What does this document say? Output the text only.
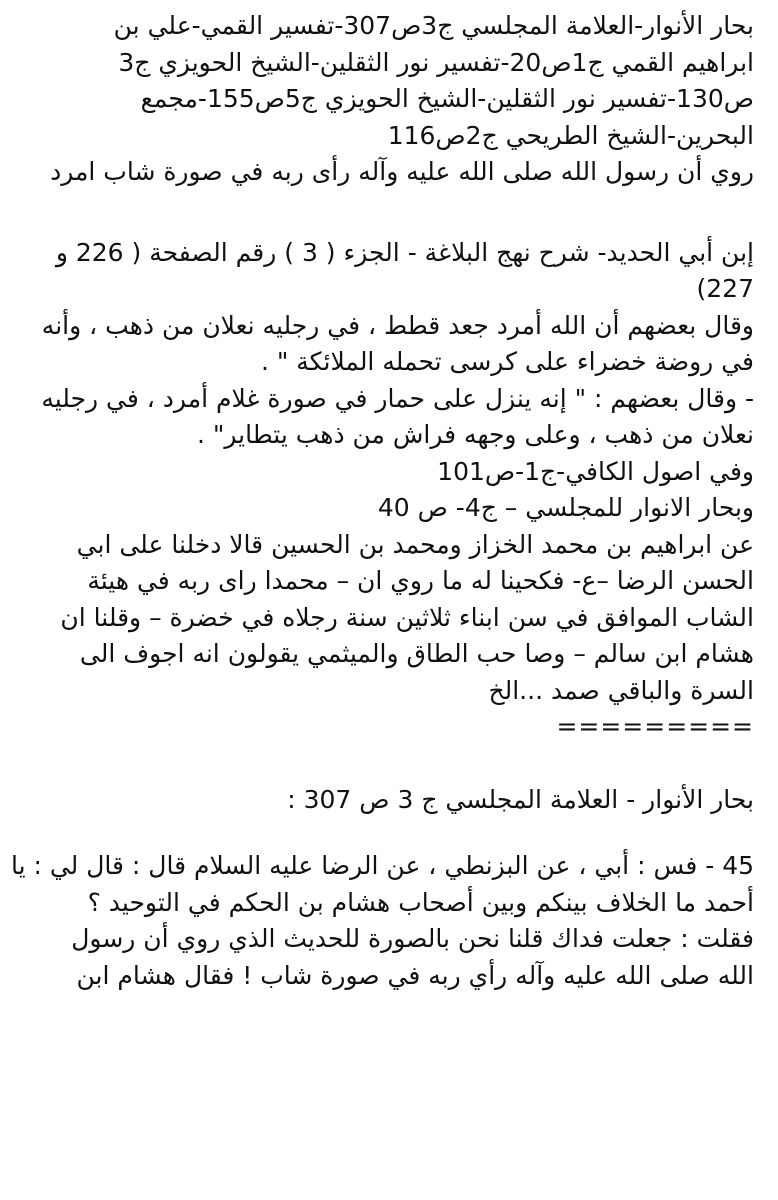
بحار الأنوار-العلامة المجلسي ج3ص307-تفسير القمي-علي بن
ابراهيم القمي ج1ص20-تفسير نور الثقلين-الشيخ الحويزي ج3
ص130-تفسير نور الثقلين-الشيخ الحويزي ج5ص155-مجمع
البحرين-الشيخ الطريحي ج2ص116
روي أن رسول الله صلى الله عليه وآله رأى ربه في صورة شاب امرد
إبن أبي الحديد- شرح نهج البلاغة - الجزء ( 3 ) رقم الصفحة ( 226 و
227)
وقال بعضهم أن الله أمرد جعد قطط ، في رجليه نعلان من ذهب ، وأنه
في روضة خضراء على كرسى تحمله الملائكة " .
- وقال بعضهم : " إنه ينزل على حمار في صورة غلام أمرد ، في رجليه
نعلان من ذهب ، وعلى وجهه فراش من ذهب يتطاير" .
وفي اصول الكافي-ج1-ص101
وبحار الانوار للمجلسي – ج4- ص 40
عن ابراهيم بن محمد الخزاز ومحمد بن الحسين قالا دخلنا على ابي
الحسن الرضا –ع- فكحينا له ما روي ان – محمدا راى ربه في هيئة
الشاب الموافق في سن ابناء ثلاثين سنة رجلاه في خضرة – وقلنا ان
هشام ابن سالم – وصا حب الطاق والميثمي يقولون انه اجوف الى
السرة والباقي صمد ...الخ
=========
بحار الأنوار - العلامة المجلسي ج 3 ص 307 :
45 - فس : أبي ، عن البزنطي ، عن الرضا عليه السلام قال : قال لي : يا
أحمد ما الخلاف بينكم وبين أصحاب هشام بن الحكم في التوحيد ؟
فقلت : جعلت فداك قلنا نحن بالصورة للحديث الذي روي أن رسول
الله صلى الله عليه وآله رأي ربه في صورة شاب ! فقال هشام ابن
